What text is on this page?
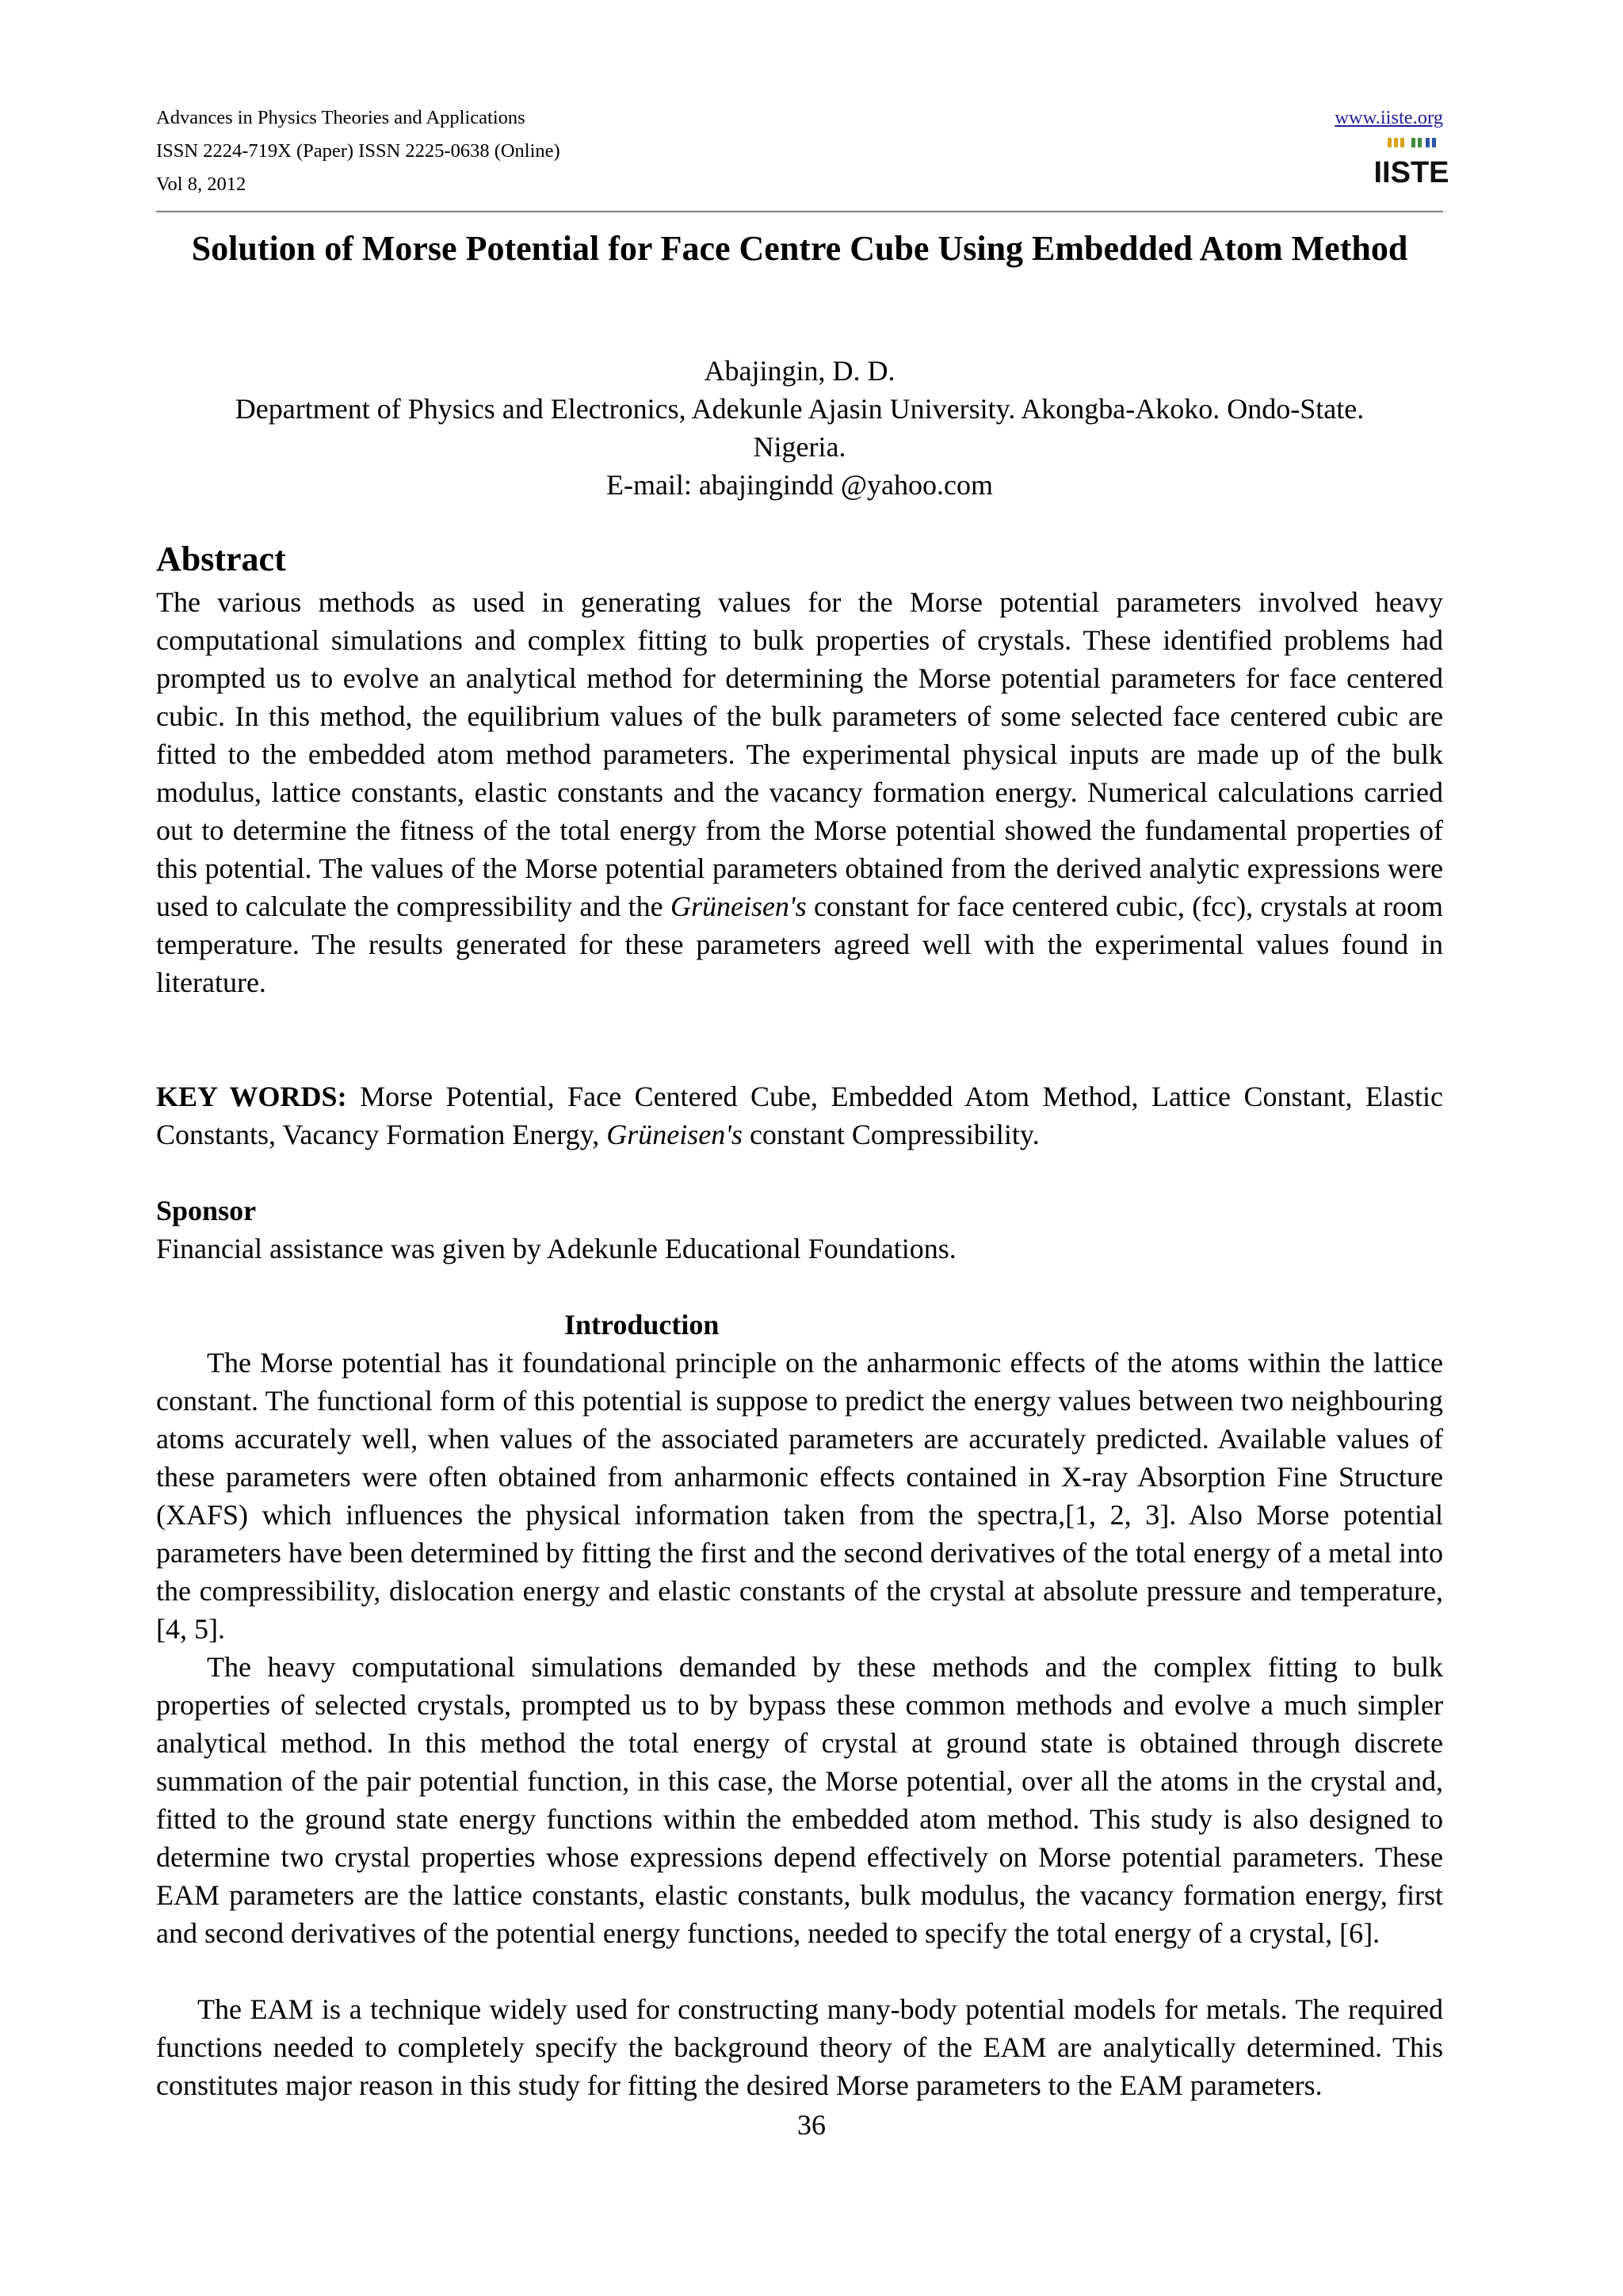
Advances in Physics Theories and Applications
ISSN 2224-719X (Paper) ISSN 2225-0638 (Online)
Vol 8, 2012
www.iiste.org
IISTE
Solution of Morse Potential for Face Centre Cube Using Embedded Atom Method
Abajingin, D. D.
Department of Physics and Electronics, Adekunle Ajasin University. Akongba-Akoko. Ondo-State. Nigeria.
E-mail: abajingindd @yahoo.com
Abstract
The various methods as used in generating values for the Morse potential parameters involved heavy computational simulations and complex fitting to bulk properties of crystals. These identified problems had prompted us to evolve an analytical method for determining the Morse potential parameters for face centered cubic. In this method, the equilibrium values of the bulk parameters of some selected face centered cubic are fitted to the embedded atom method parameters. The experimental physical inputs are made up of the bulk modulus, lattice constants, elastic constants and the vacancy formation energy. Numerical calculations carried out to determine the fitness of the total energy from the Morse potential showed the fundamental properties of this potential. The values of the Morse potential parameters obtained from the derived analytic expressions were used to calculate the compressibility and the Grüneisen's constant for face centered cubic, (fcc), crystals at room temperature. The results generated for these parameters agreed well with the experimental values found in literature.
KEY WORDS: Morse Potential, Face Centered Cube, Embedded Atom Method, Lattice Constant, Elastic Constants, Vacancy Formation Energy, Grüneisen's constant Compressibility.
Sponsor
Financial assistance was given by Adekunle Educational Foundations.
Introduction
The Morse potential has it foundational principle on the anharmonic effects of the atoms within the lattice constant. The functional form of this potential is suppose to predict the energy values between two neighbouring atoms accurately well, when values of the associated parameters are accurately predicted. Available values of these parameters were often obtained from anharmonic effects contained in X-ray Absorption Fine Structure (XAFS) which influences the physical information taken from the spectra,[1, 2, 3]. Also Morse potential parameters have been determined by fitting the first and the second derivatives of the total energy of a metal into the compressibility, dislocation energy and elastic constants of the crystal at absolute pressure and temperature, [4, 5].
The heavy computational simulations demanded by these methods and the complex fitting to bulk properties of selected crystals, prompted us to by bypass these common methods and evolve a much simpler analytical method. In this method the total energy of crystal at ground state is obtained through discrete summation of the pair potential function, in this case, the Morse potential, over all the atoms in the crystal and, fitted to the ground state energy functions within the embedded atom method. This study is also designed to determine two crystal properties whose expressions depend effectively on Morse potential parameters. These EAM parameters are the lattice constants, elastic constants, bulk modulus, the vacancy formation energy, first and second derivatives of the potential energy functions, needed to specify the total energy of a crystal, [6].
The EAM is a technique widely used for constructing many-body potential models for metals. The required functions needed to completely specify the background theory of the EAM are analytically determined. This constitutes major reason in this study for fitting the desired Morse parameters to the EAM parameters.
36
